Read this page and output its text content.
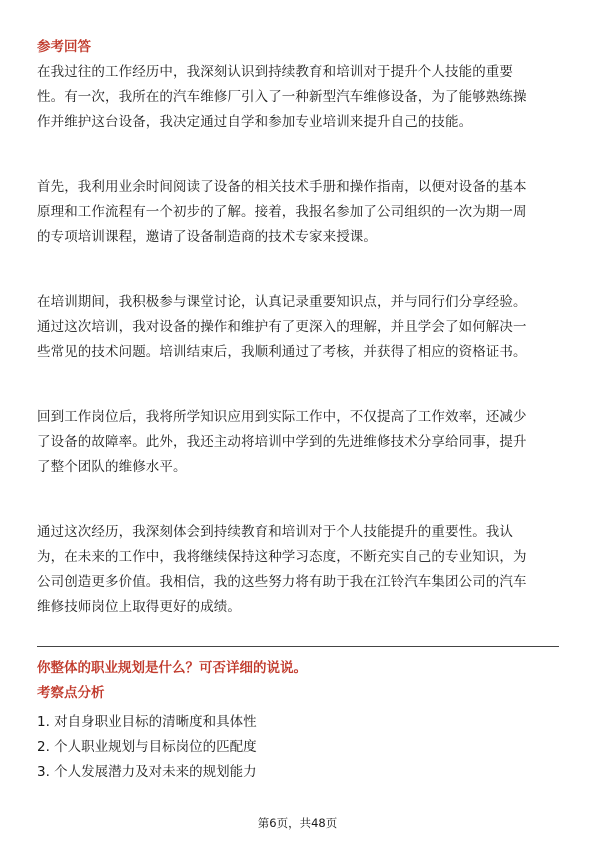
参考回答
在我过往的工作经历中，我深刻认识到持续教育和培训对于提升个人技能的重要
性。有一次，我所在的汽车维修厂引入了一种新型汽车维修设备，为了能够熟练操
作并维护这台设备，我决定通过自学和参加专业培训来提升自己的技能。
首先，我利用业余时间阅读了设备的相关技术手册和操作指南，以便对设备的基本
原理和工作流程有一个初步的了解。接着，我报名参加了公司组织的一次为期一周
的专项培训课程，邀请了设备制造商的技术专家来授课。
在培训期间，我积极参与课堂讨论，认真记录重要知识点，并与同行们分享经验。
通过这次培训，我对设备的操作和维护有了更深入的理解，并且学会了如何解决一
些常见的技术问题。培训结束后，我顺利通过了考核，并获得了相应的资格证书。
回到工作岗位后，我将所学知识应用到实际工作中，不仅提高了工作效率，还减少
了设备的故障率。此外，我还主动将培训中学到的先进维修技术分享给同事，提升
了整个团队的维修水平。
通过这次经历，我深刻体会到持续教育和培训对于个人技能提升的重要性。我认
为，在未来的工作中，我将继续保持这种学习态度，不断充实自己的专业知识，为
公司创造更多价值。我相信，我的这些努力将有助于我在江铃汽车集团公司的汽车
维修技师岗位上取得更好的成绩。
你整体的职业规划是什么？可否详细的说说。
考察点分析
1. 对自身职业目标的清晰度和具体性
2. 个人职业规划与目标岗位的匹配度
3. 个人发展潜力及对未来的规划能力
第6页，共48页
